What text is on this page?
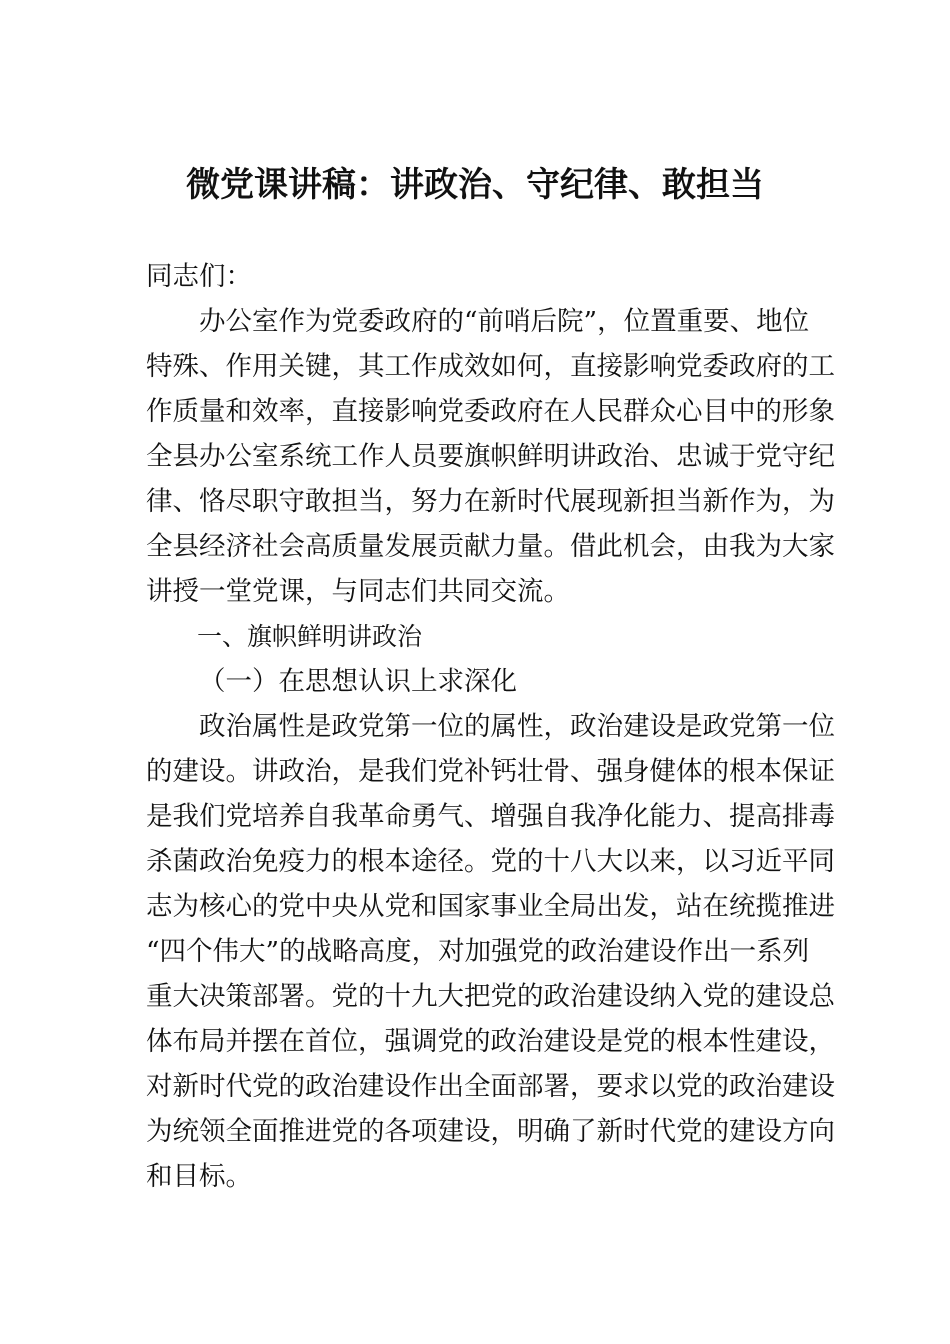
微党课讲稿：讲政治、守纪律、敢担当
同志们：
办公室作为党委政府的“前哨后院”，位置重要、地位
特殊、作用关键，其工作成效如何，直接影响党委政府的工
作质量和效率，直接影响党委政府在人民群众心目中的形象
全县办公室系统工作人员要旗帜鲜明讲政治、忠诚于党守纪
律、恪尽职守敢担当，努力在新时代展现新担当新作为，为
全县经济社会高质量发展贡献力量。借此机会，由我为大家
讲授一堂党课，与同志们共同交流。
一、旗帜鲜明讲政治
（一）在思想认识上求深化
政治属性是政党第一位的属性，政治建设是政党第一位
的建设。讲政治，是我们党补钙壮骨、强身健体的根本保证
是我们党培养自我革命勇气、增强自我净化能力、提高排毒
杀菌政治免疫力的根本途径。党的十八大以来，以习近平同
志为核心的党中央从党和国家事业全局出发，站在统揽推进
“四个伟大”的战略高度，对加强党的政治建设作出一系列
重大决策部署。党的十九大把党的政治建设纳入党的建设总
体布局并摆在首位，强调党的政治建设是党的根本性建设，
对新时代党的政治建设作出全面部署，要求以党的政治建设
为统领全面推进党的各项建设，明确了新时代党的建设方向
和目标。
